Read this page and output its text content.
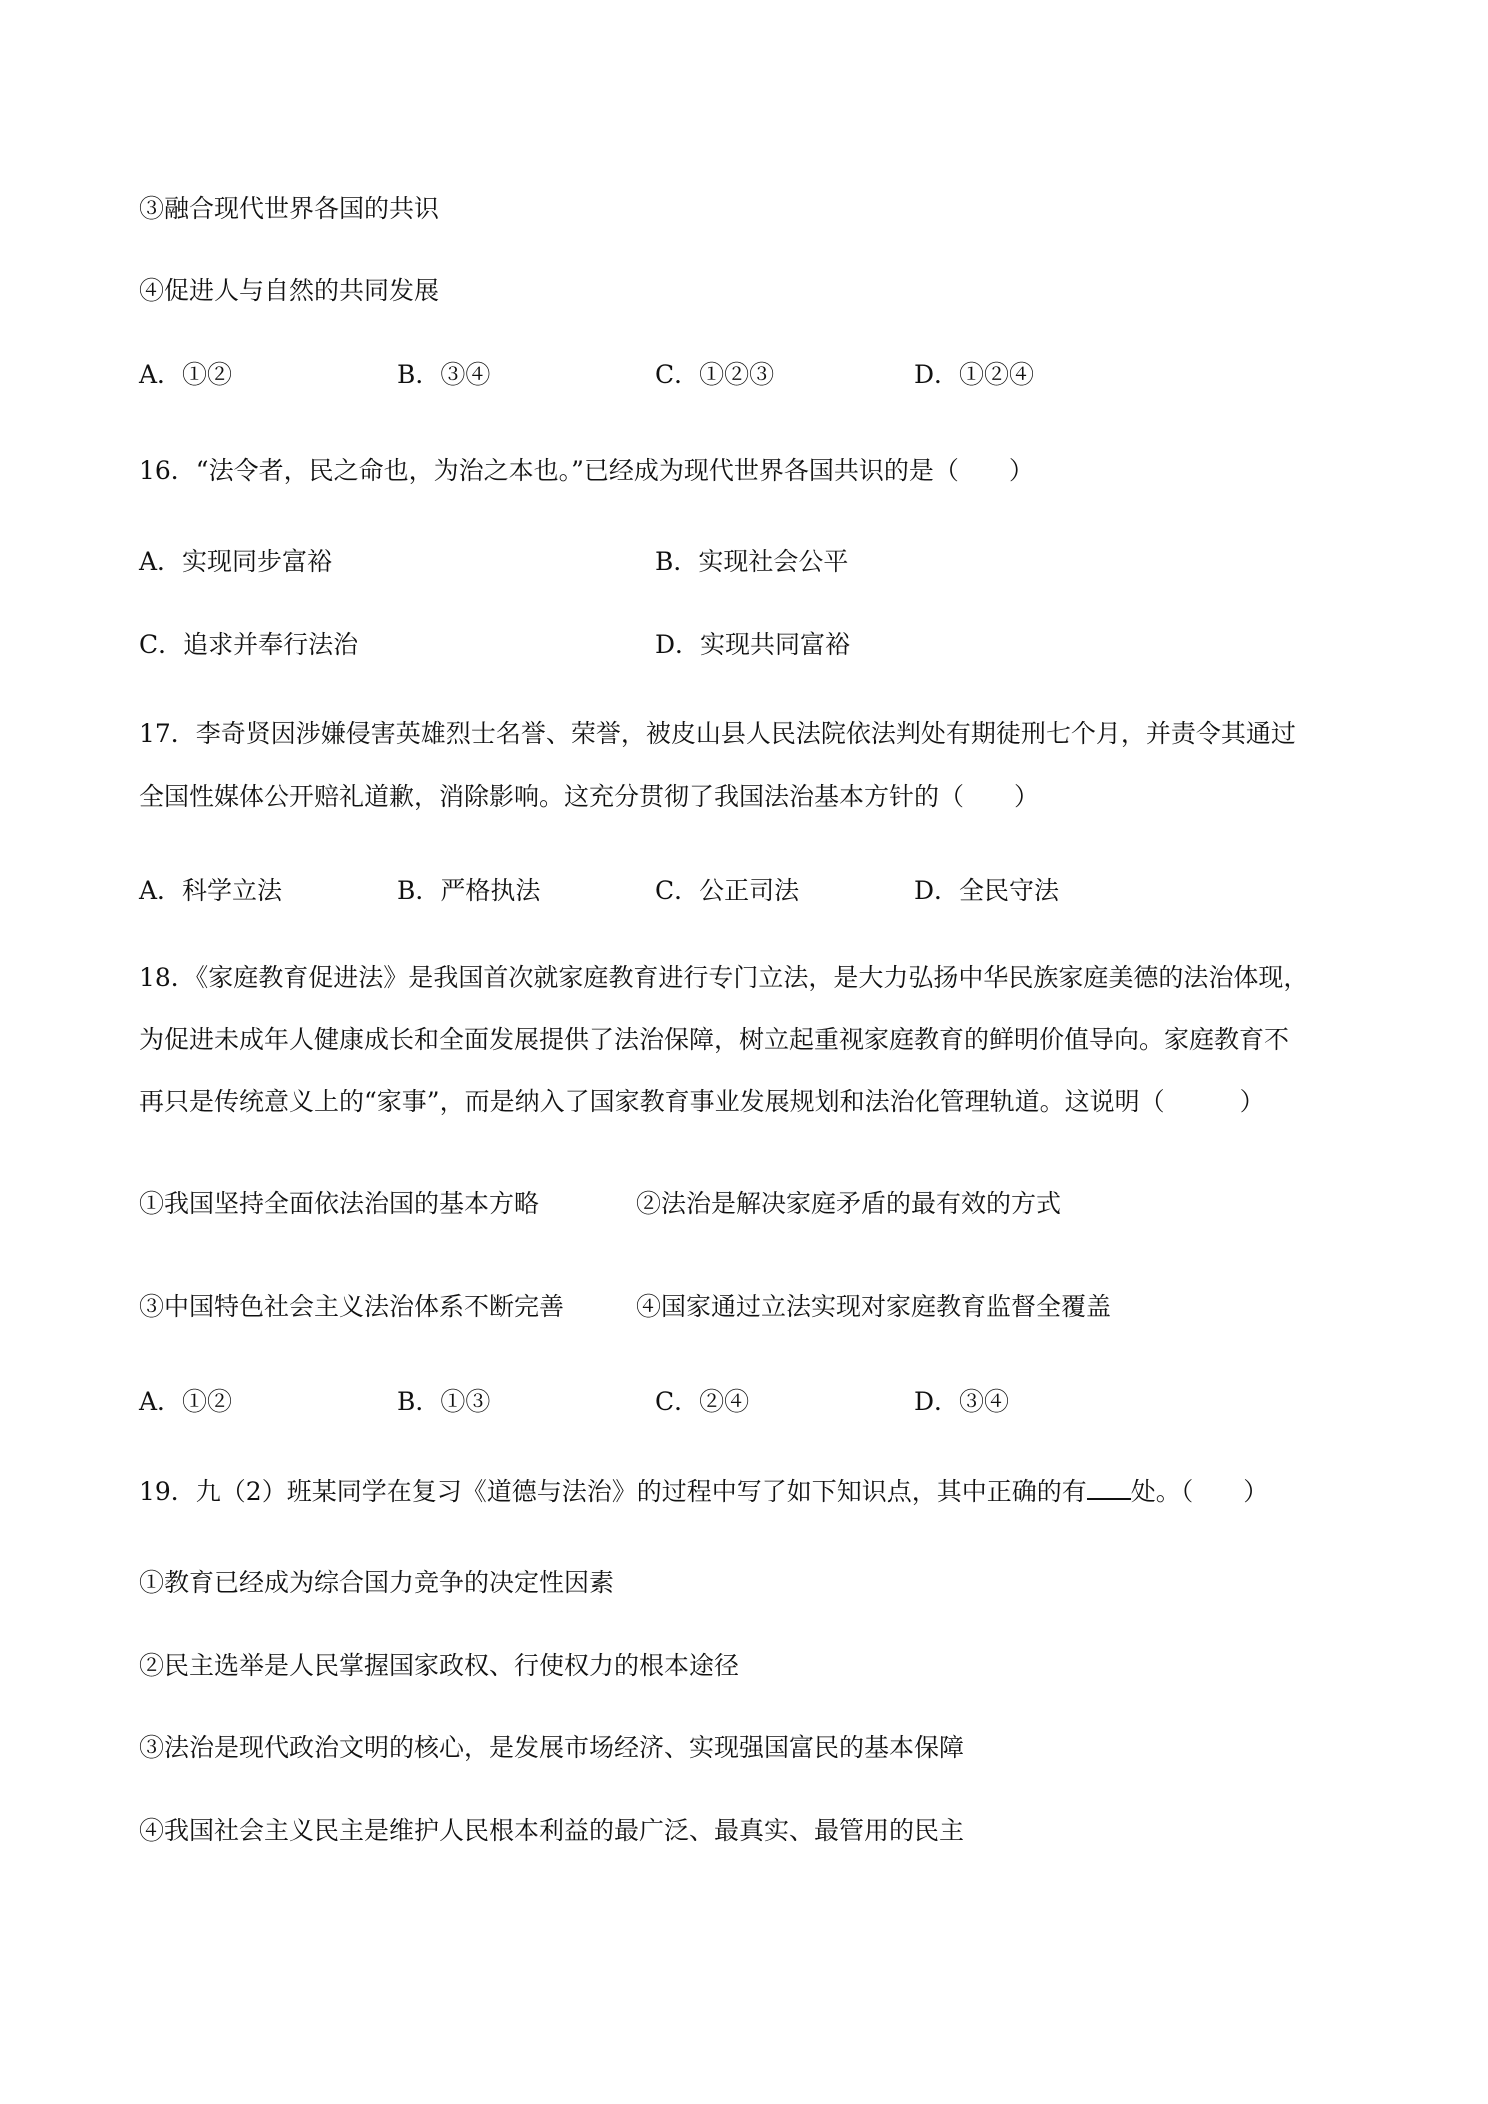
③融合现代世界各国的共识
④促进人与自然的共同发展
A．①②	B．③④	C．①②③	D．①②④
16．“法令者，民之命也，为治之本也。”已经成为现代世界各国共识的是（　　）
A．实现同步富裕	B．实现社会公平
C．追求并奉行法治	D．实现共同富裕
17．李奇贤因涉嫌侵害英雄烈士名誉、荣誉，被皮山县人民法院依法判处有期徒刑七个月，并责令其通过
全国性媒体公开赔礼道歉，消除影响。这充分贯彻了我国法治基本方针的（　　）
A．科学立法	B．严格执法	C．公正司法	D．全民守法
18．《家庭教育促进法》是我国首次就家庭教育进行专门立法，是大力弘扬中华民族家庭美德的法治体现，
为促进未成年人健康成长和全面发展提供了法治保障，树立起重视家庭教育的鲜明价值导向。家庭教育不
再只是传统意义上的“家事”，而是纳入了国家教育事业发展规划和法治化管理轨道。这说明（　　　）
①我国坚持全面依法治国的基本方略	②法治是解决家庭矛盾的最有效的方式
③中国特色社会主义法治体系不断完善	④国家通过立法实现对家庭教育监督全覆盖
A．①②	B．①③	C．②④	D．③④
19．九（2）班某同学在复习《道德与法治》的过程中写了如下知识点，其中正确的有 处。（　　）
①教育已经成为综合国力竞争的决定性因素
②民主选举是人民掌握国家政权、行使权力的根本途径
③法治是现代政治文明的核心，是发展市场经济、实现强国富民的基本保障
④我国社会主义民主是维护人民根本利益的最广泛、最真实、最管用的民主
